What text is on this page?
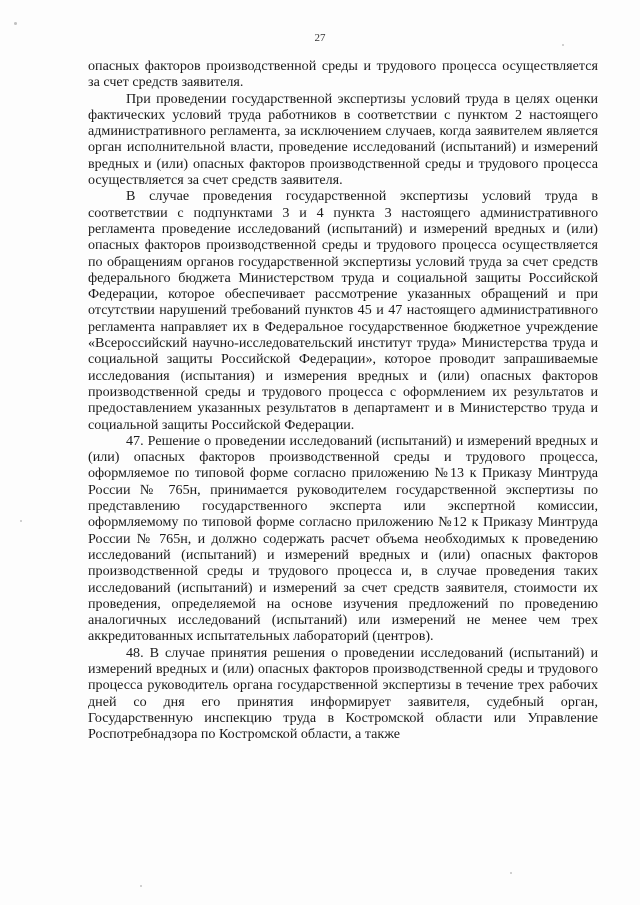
27

опасных факторов производственной среды и трудового процесса осуществляется за счет средств заявителя.

При проведении государственной экспертизы условий труда в целях оценки фактических условий труда работников в соответствии с пунктом 2 настоящего административного регламента, за исключением случаев, когда заявителем является орган исполнительной власти, проведение исследований (испытаний) и измерений вредных и (или) опасных факторов производственной среды и трудового процесса осуществляется за счет средств заявителя.

В случае проведения государственной экспертизы условий труда в соответствии с подпунктами 3 и 4 пункта 3 настоящего административного регламента проведение исследований (испытаний) и измерений вредных и (или) опасных факторов производственной среды и трудового процесса осуществляется по обращениям органов государственной экспертизы условий труда за счет средств федерального бюджета Министерством труда и социальной защиты Российской Федерации, которое обеспечивает рассмотрение указанных обращений и при отсутствии нарушений требований пунктов 45 и 47 настоящего административного регламента направляет их в Федеральное государственное бюджетное учреждение «Всероссийский научно-исследовательский институт труда» Министерства труда и социальной защиты Российской Федерации», которое проводит запрашиваемые исследования (испытания) и измерения вредных и (или) опасных факторов производственной среды и трудового процесса с оформлением их результатов и предоставлением указанных результатов в департамент и в Министерство труда и социальной защиты Российской Федерации.

47. Решение о проведении исследований (испытаний) и измерений вредных и (или) опасных факторов производственной среды и трудового процесса, оформляемое по типовой форме согласно приложению №13 к Приказу Минтруда России № 765н, принимается руководителем государственной экспертизы по представлению государственного эксперта или экспертной комиссии, оформляемому по типовой форме согласно приложению №12 к Приказу Минтруда России № 765н, и должно содержать расчет объема необходимых к проведению исследований (испытаний) и измерений вредных и (или) опасных факторов производственной среды и трудового процесса и, в случае проведения таких исследований (испытаний) и измерений за счет средств заявителя, стоимости их проведения, определяемой на основе изучения предложений по проведению аналогичных исследований (испытаний) или измерений не менее чем трех аккредитованных испытательных лабораторий (центров).

48. В случае принятия решения о проведении исследований (испытаний) и измерений вредных и (или) опасных факторов производственной среды и трудового процесса руководитель органа государственной экспертизы в течение трех рабочих дней со дня его принятия информирует заявителя, судебный орган, Государственную инспекцию труда в Костромской области или Управление Роспотребнадзора по Костромской области, а также
